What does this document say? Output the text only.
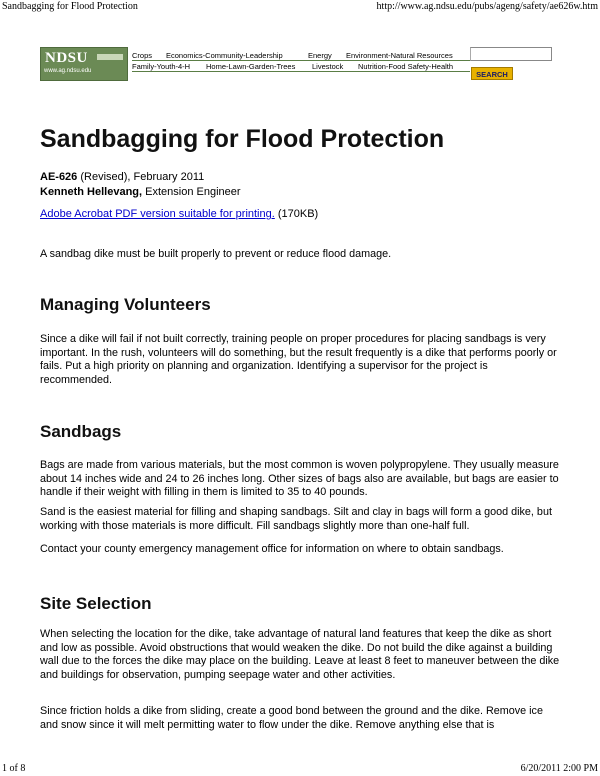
Sandbagging for Flood Protection	http://www.ag.ndsu.edu/pubs/ageng/safety/ae626w.htm
NDSU
www.ag.ndsu.edu
Crops Economics-Community-Leadership	Energy Environment-Natural Resources
Family-Youth-4-H Home-Lawn-Garden-Trees Livestock Nutrition-Food Safety-Health
SEARCH
Sandbagging for Flood Protection
AE-626 (Revised), February 2011
Kenneth Hellevang, Extension Engineer
Adobe Acrobat PDF version suitable for printing. (170KB)

A sandbag dike must be built properly to prevent or reduce flood damage.

Managing Volunteers

Since a dike will fail if not built correctly, training people on proper procedures for placing sandbags is very important. In the rush, volunteers will do something, but the result frequently is a dike that performs poorly or fails. Put a high priority on planning and organization. Identifying a supervisor for the project is recommended.

Sandbags

Bags are made from various materials, but the most common is woven polypropylene. They usually measure about 14 inches wide and 24 to 26 inches long. Other sizes of bags also are available, but bags are easier to handle if their weight with filling in them is limited to 35 to 40 pounds.

Sand is the easiest material for filling and shaping sandbags. Silt and clay in bags will form a good dike, but working with those materials is more difficult. Fill sandbags slightly more than one-half full.

Contact your county emergency management office for information on where to obtain sandbags.

Site Selection

When selecting the location for the dike, take advantage of natural land features that keep the dike as short and low as possible. Avoid obstructions that would weaken the dike. Do not build the dike against a building wall due to the forces the dike may place on the building. Leave at least 8 feet to maneuver between the dike and buildings for observation, pumping seepage water and other activities.

Since friction holds a dike from sliding, create a good bond between the ground and the dike. Remove ice and snow since it will melt permitting water to flow under the dike. Remove anything else that is

1 of 8	6/20/2011 2:00 PM
